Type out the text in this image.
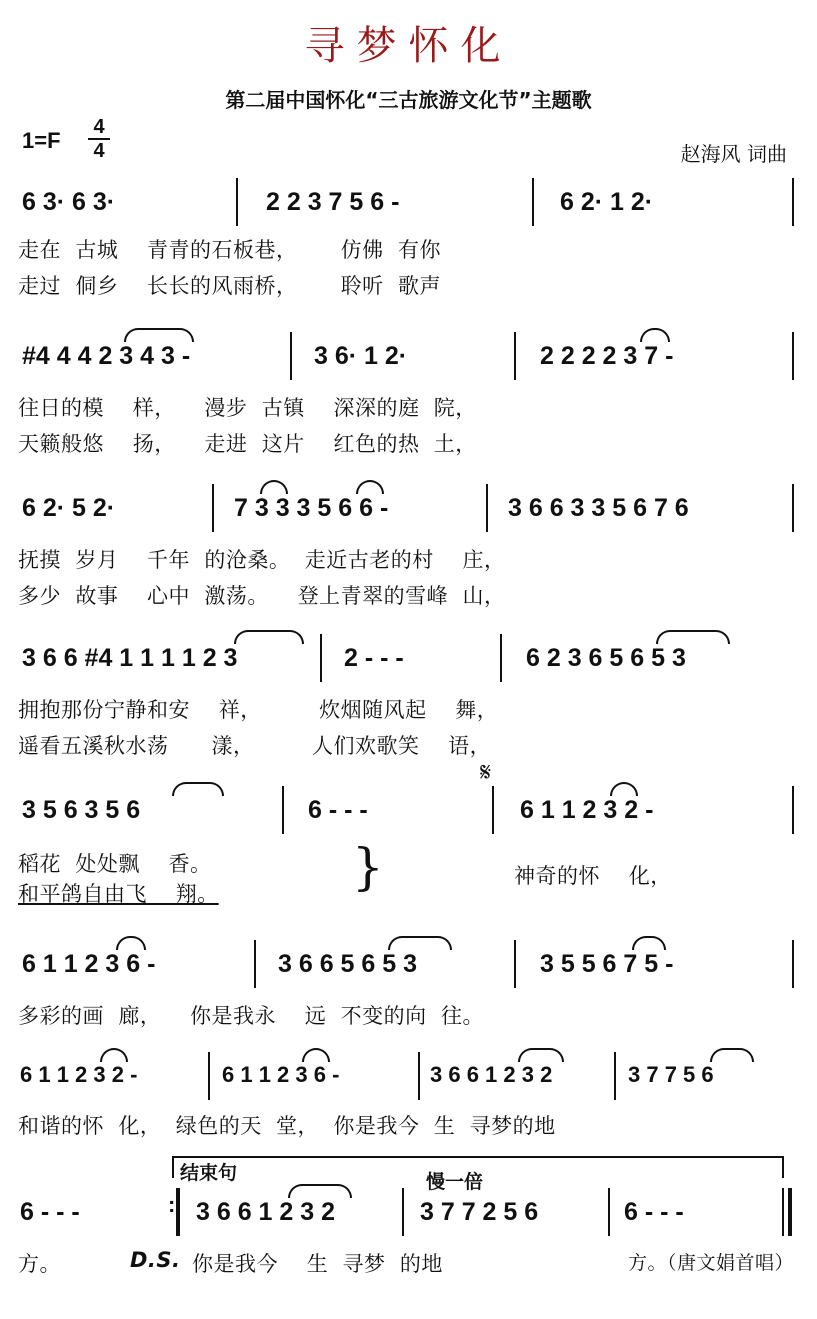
寻梦怀化
第二届中国怀化“三古旅游文化节”主题歌
1=F
4
4	赵海风 词曲
6 3· 6 3·	2 2 3 7 5 6 -	6 2· 1 2·
走在  古城    青青的石板巷，      仿佛  有你
走过  侗乡    长长的风雨桥，      聆听  歌声
#4 4 4 2 3 4 3 -	3 6· 1 2·	2 2 2 2 3 7 -
往日的模    样，    漫步  古镇    深深的庭  院，
天籁般悠    扬，    走进  这片    红色的热  土，
6 2· 5 2·	7 3 3 3 5 6 6 -	3 6 6 3 3 5 6 7 6
抚摸  岁月    千年  的沧桑。  走近古老的村    庄，
多少  故事    心中  激荡。    登上青翠的雪峰  山，
3 6 6 #4 1 1 1 1 2 3	2 - - -	6 2 3 6 5 6 5 3
拥抱那份宁静和安    祥，        炊烟随风起    舞，
遥看五溪秋水荡      漾，        人们欢歌笑    语，
𝄋
3 5 6 3 5 6	6 - - -	6 1 1 2 3 2 -
稻花  处处飘    香。
和平鸽自由飞    翔。
神奇的怀    化，
}
6 1 1 2 3 6 -	3 6 6 5 6 5 3	3 5 5 6 7 5 -
多彩的画  廊，    你是我永    远  不变的向  往。
6 1 1 2 3 2 -	6 1 1 2 3 6 -	3 6 6 1 2 3 2	3 7 7 5 6
和谐的怀  化，  绿色的天  堂，  你是我今  生  寻梦的地
结束句	慢一倍
6 - - -
:	3 6 6 1 2 3 2	3 7 7 2 5 6	6 - - -
方。	D.S. 你是我今    生  寻梦  的地	方。（唐文娟首唱）
